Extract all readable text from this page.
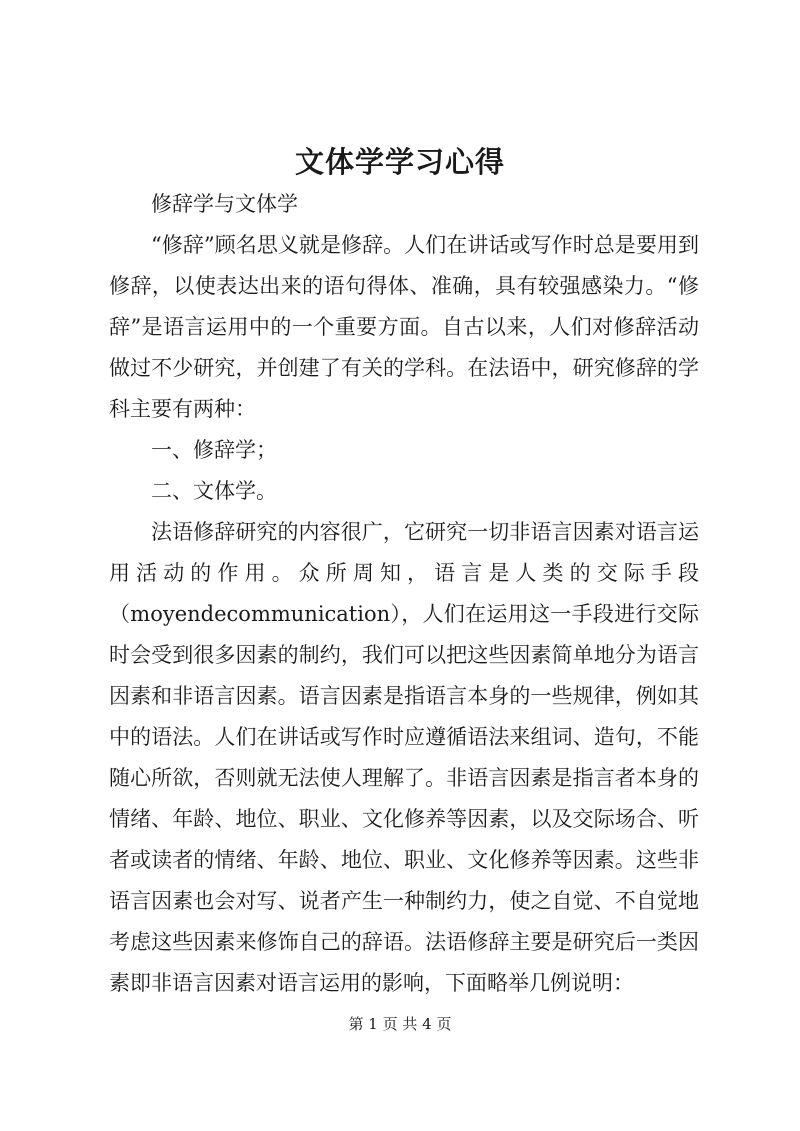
文体学学习心得

修辞学与文体学

“修辞”顾名思义就是修辞。人们在讲话或写作时总是要用到修辞，以使表达出来的语句得体、准确，具有较强感染力。“修辞”是语言运用中的一个重要方面。自古以来，人们对修辞活动做过不少研究，并创建了有关的学科。在法语中，研究修辞的学科主要有两种：

一、修辞学；

二、文体学。

法语修辞研究的内容很广，它研究一切非语言因素对语言运用活动的作用。众所周知，语言是人类的交际手段（moyendecommunication），人们在运用这一手段进行交际时会受到很多因素的制约，我们可以把这些因素简单地分为语言因素和非语言因素。语言因素是指语言本身的一些规律，例如其中的语法。人们在讲话或写作时应遵循语法来组词、造句，不能随心所欲，否则就无法使人理解了。非语言因素是指言者本身的情绪、年龄、地位、职业、文化修养等因素，以及交际场合、听者或读者的情绪、年龄、地位、职业、文化修养等因素。这些非语言因素也会对写、说者产生一种制约力，使之自觉、不自觉地考虑这些因素来修饰自己的辞语。法语修辞主要是研究后一类因素即非语言因素对语言运用的影响，下面略举几例说明：

第 1 页 共 4 页
